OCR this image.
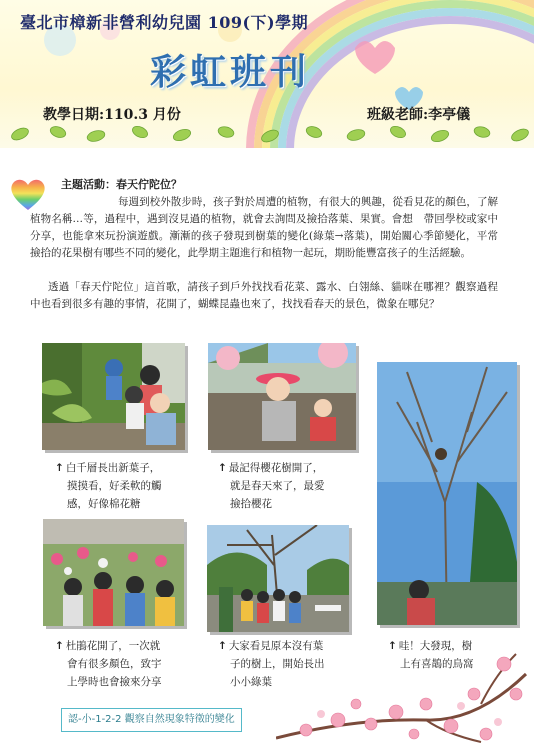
臺北市樟新非營利幼兒園 109(下)學期
彩虹班刊
教學日期:110.3 月份	班級老師:李亭儀
主題活動：春天佇陀位？
每週到校外散步時，孩子對於周遭的植物，有很大的興趣，從看見花的顏色，了解植物名稱…等，過程中，遇到沒見過的植物，就會去詢問及撿拾落葉、果實。會想　帶回學校或家中分享，也能拿來玩扮演遊戲。漸漸的孩子發現到樹葉的變化(綠葉→落葉)，開始關心季節變化，平常撿拾的花果樹有哪些不同的變化，此學期主題進行和植物一起玩，期盼能豐富孩子的生活經驗。
透過「春天佇陀位」這首歌，請孩子到戶外找找看花菜、露水、白翎絲、貓咪在哪裡？觀察過程中也看到很多有趣的事情，花開了，蝴蝶昆蟲也來了，找找看春天的景色，微象在哪兒？
↑ 白千層長出新葉子，
摸摸看，好柔軟的觸
感，好像棉花糖
↑ 最記得櫻花樹開了，
就是春天來了，最愛
撿拾櫻花
↑ 哇！大發現，樹
上有喜鵲的鳥窩
↑ 杜鵑花開了，一次就
會有很多顏色，致宇
上學時也會撿來分享
↑ 大家看見原本沒有葉
子的樹上，開始長出
小小綠葉
認-小-1-2-2 觀察自然現象特徵的變化
